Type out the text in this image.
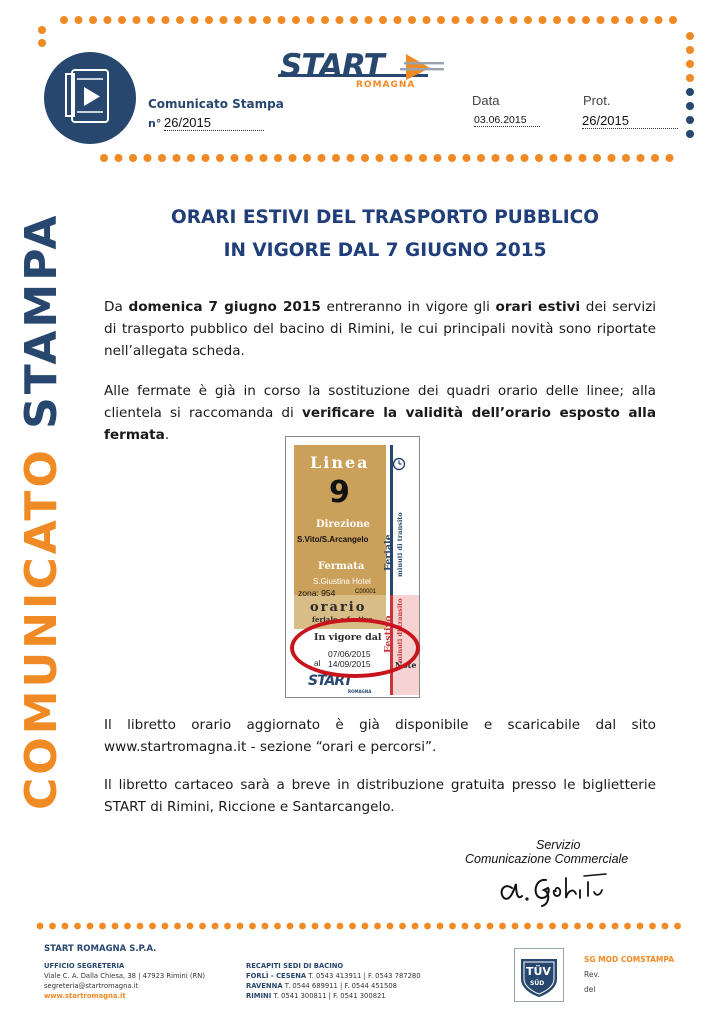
START
ROMAGNA
Comunicato Stampa
n° 26/2015
Data
03.06.2015
Prot.
26/2015
COMUNICATO STAMPA	ORARI ESTIVI DEL TRASPORTO PUBBLICO
IN VIGORE DAL 7 GIUGNO 2015

Da domenica 7 giugno 2015 entreranno in vigore gli orari estivi dei servizi di trasporto pubblico del bacino di Rimini, le cui principali novità sono riportate nell’allegata scheda.

Alle fermate è già in corso la sostituzione dei quadri orario delle linee; alla clientela si raccomanda di verificare la validità dell’orario esposto alla fermata.

Linea
9
Direzione
S.Vito/S.Arcangelo
Fermata
S.Giustina Hotel
zona: 954	C00001
orario
feriale e festivo
In vigore dal
07/06/2015
al 14/09/2015
Feriale minuti di transito
Festivo minuti di transito
Note
START
ROMAGNA

Il libretto orario aggiornato è già disponibile e scaricabile dal sito www.startromagna.it - sezione “orari e percorsi”.

Il libretto cartaceo sarà a breve in distribuzione gratuita presso le biglietterie START di Rimini, Riccione e Santarcangelo.

Servizio
Comunicazione Commerciale
START ROMAGNA S.P.A.
UFFICIO SEGRETERIA
Viale C. A. Dalla Chiesa, 38 | 47923 Rimini (RN)
segreteria@startromagna.it
www.startromagna.it
RECAPITI SEDI DI BACINO
FORLÌ - CESENA T. 0543 413911 | F. 0543 787280
RAVENNA T. 0544 689911 | F. 0544 451508
RIMINI T. 0541 300811 | F. 0541 300821
TÜV
SÜD
SG MOD COMSTAMPA
Rev.
del
